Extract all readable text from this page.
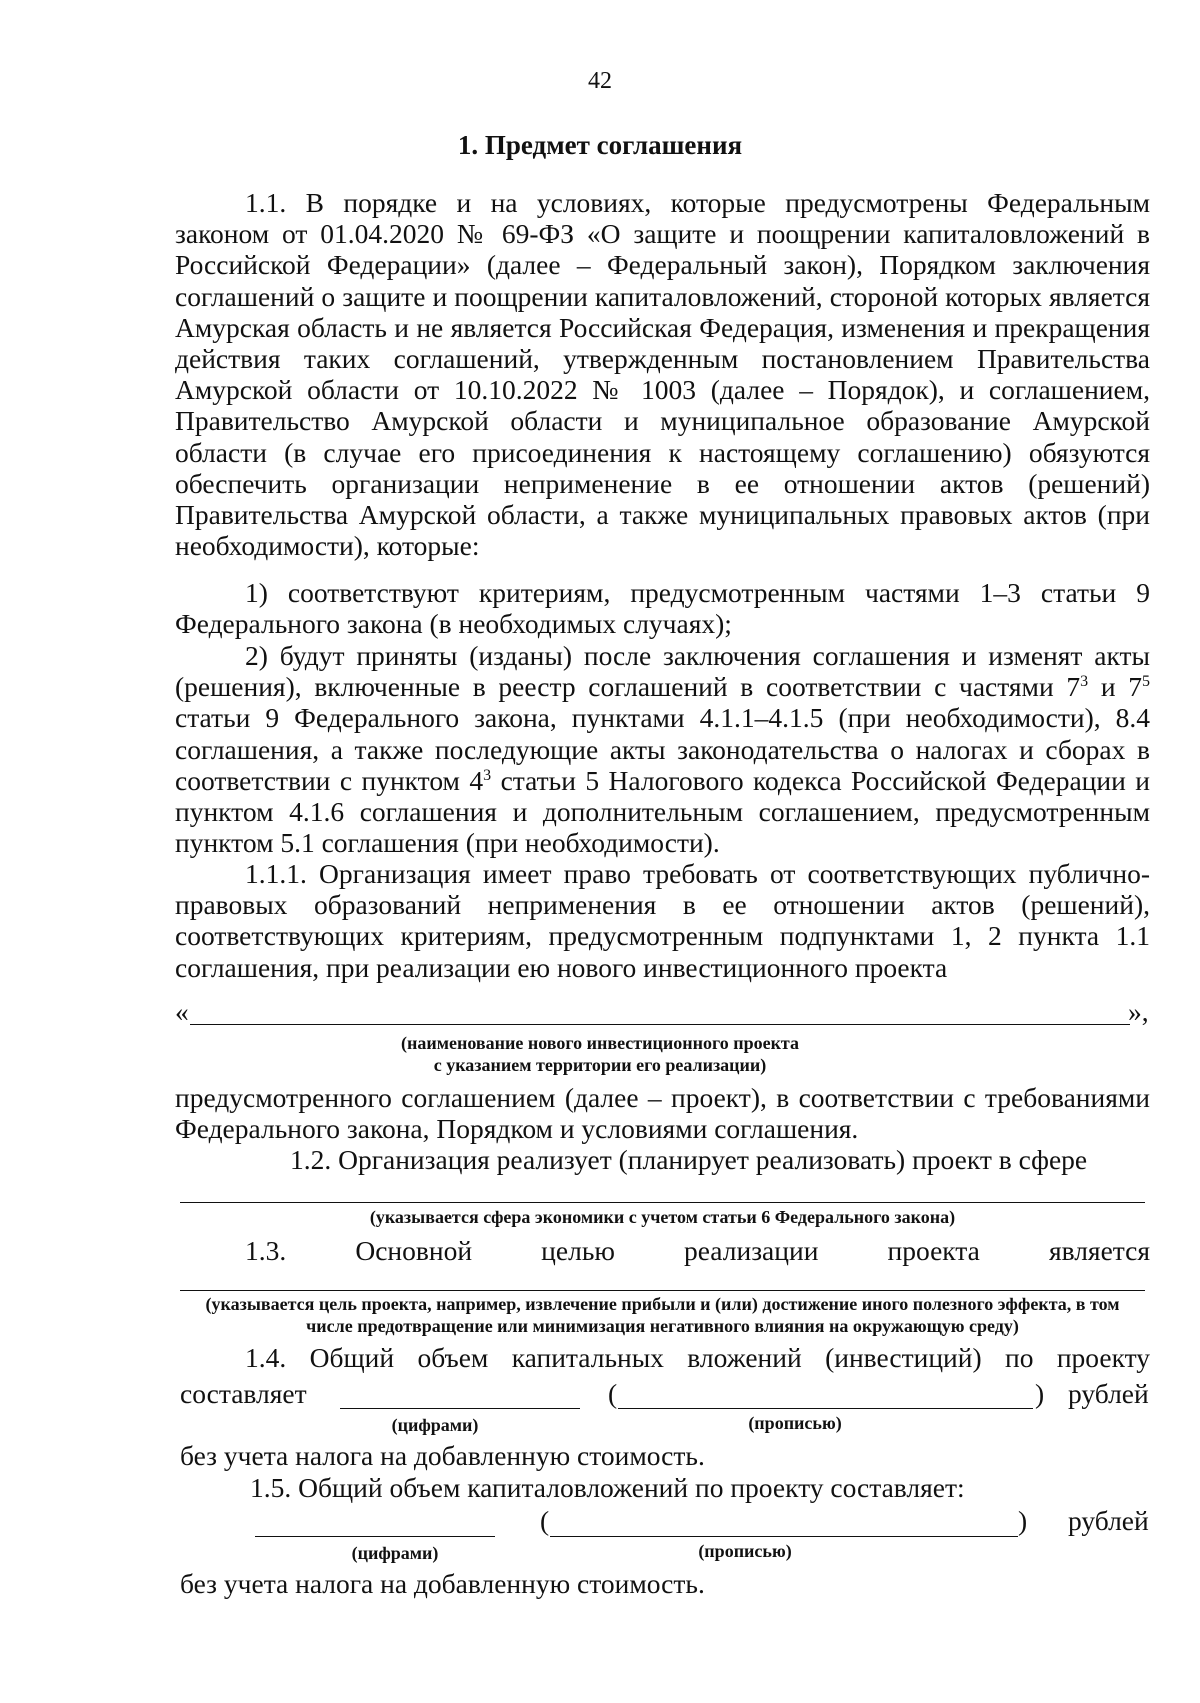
42
1. Предмет соглашения
1.1. В порядке и на условиях, которые предусмотрены Федеральным законом от 01.04.2020 № 69-ФЗ «О защите и поощрении капиталовложений в Российской Федерации» (далее – Федеральный закон), Порядком заключения соглашений о защите и поощрении капиталовложений, стороной которых является Амурская область и не является Российская Федерация, изменения и прекращения действия таких соглашений, утвержденным постановлением Правительства Амурской области от 10.10.2022 № 1003 (далее – Порядок), и соглашением, Правительство Амурской области и муниципальное образование Амурской области (в случае его присоединения к настоящему соглашению) обязуются обеспечить организации неприменение в ее отношении актов (решений) Правительства Амурской области, а также муниципальных правовых актов (при необходимости), которые:
1) соответствуют критериям, предусмотренным частями 1–3 статьи 9 Федерального закона (в необходимых случаях);
2) будут приняты (изданы) после заключения соглашения и изменят акты (решения), включенные в реестр соглашений в соответствии с частями $7^3$ и $7^5$ статьи 9 Федерального закона, пунктами 4.1.1–4.1.5 (при необходимости), 8.4 соглашения, а также последующие акты законодательства о налогах и сборах в соответствии с пунктом $4^3$ статьи 5 Налогового кодекса Российской Федерации и пунктом 4.1.6 соглашения и дополнительным соглашением, предусмотренным пунктом 5.1 соглашения (при необходимости).
1.1.1. Организация имеет право требовать от соответствующих публично-правовых образований неприменения в ее отношении актов (решений), соответствующих критериям, предусмотренным подпунктами 1, 2 пункта 1.1 соглашения, при реализации ею нового инвестиционного проекта
«	»,
(наименование нового инвестиционного проекта
с указанием территории его реализации)
предусмотренного соглашением (далее – проект), в соответствии с требованиями Федерального закона, Порядком и условиями соглашения.
1.2. Организация реализует (планирует реализовать) проект в сфере
(указывается сфера экономики с учетом статьи 6 Федерального закона)
1.3. Основной целью реализации проекта является
(указывается цель проекта, например, извлечение прибыли и (или) достижение иного полезного эффекта, в том
числе предотвращение или минимизация негативного влияния на окружающую среду)
1.4. Общий объем капитальных вложений (инвестиций) по проекту
составляет	(	) рублей
(цифрами)	(прописью)
без учета налога на добавленную стоимость.
1.5. Общий объем капиталовложений по проекту составляет:
(	) рублей
(цифрами)	(прописью)
без учета налога на добавленную стоимость.
